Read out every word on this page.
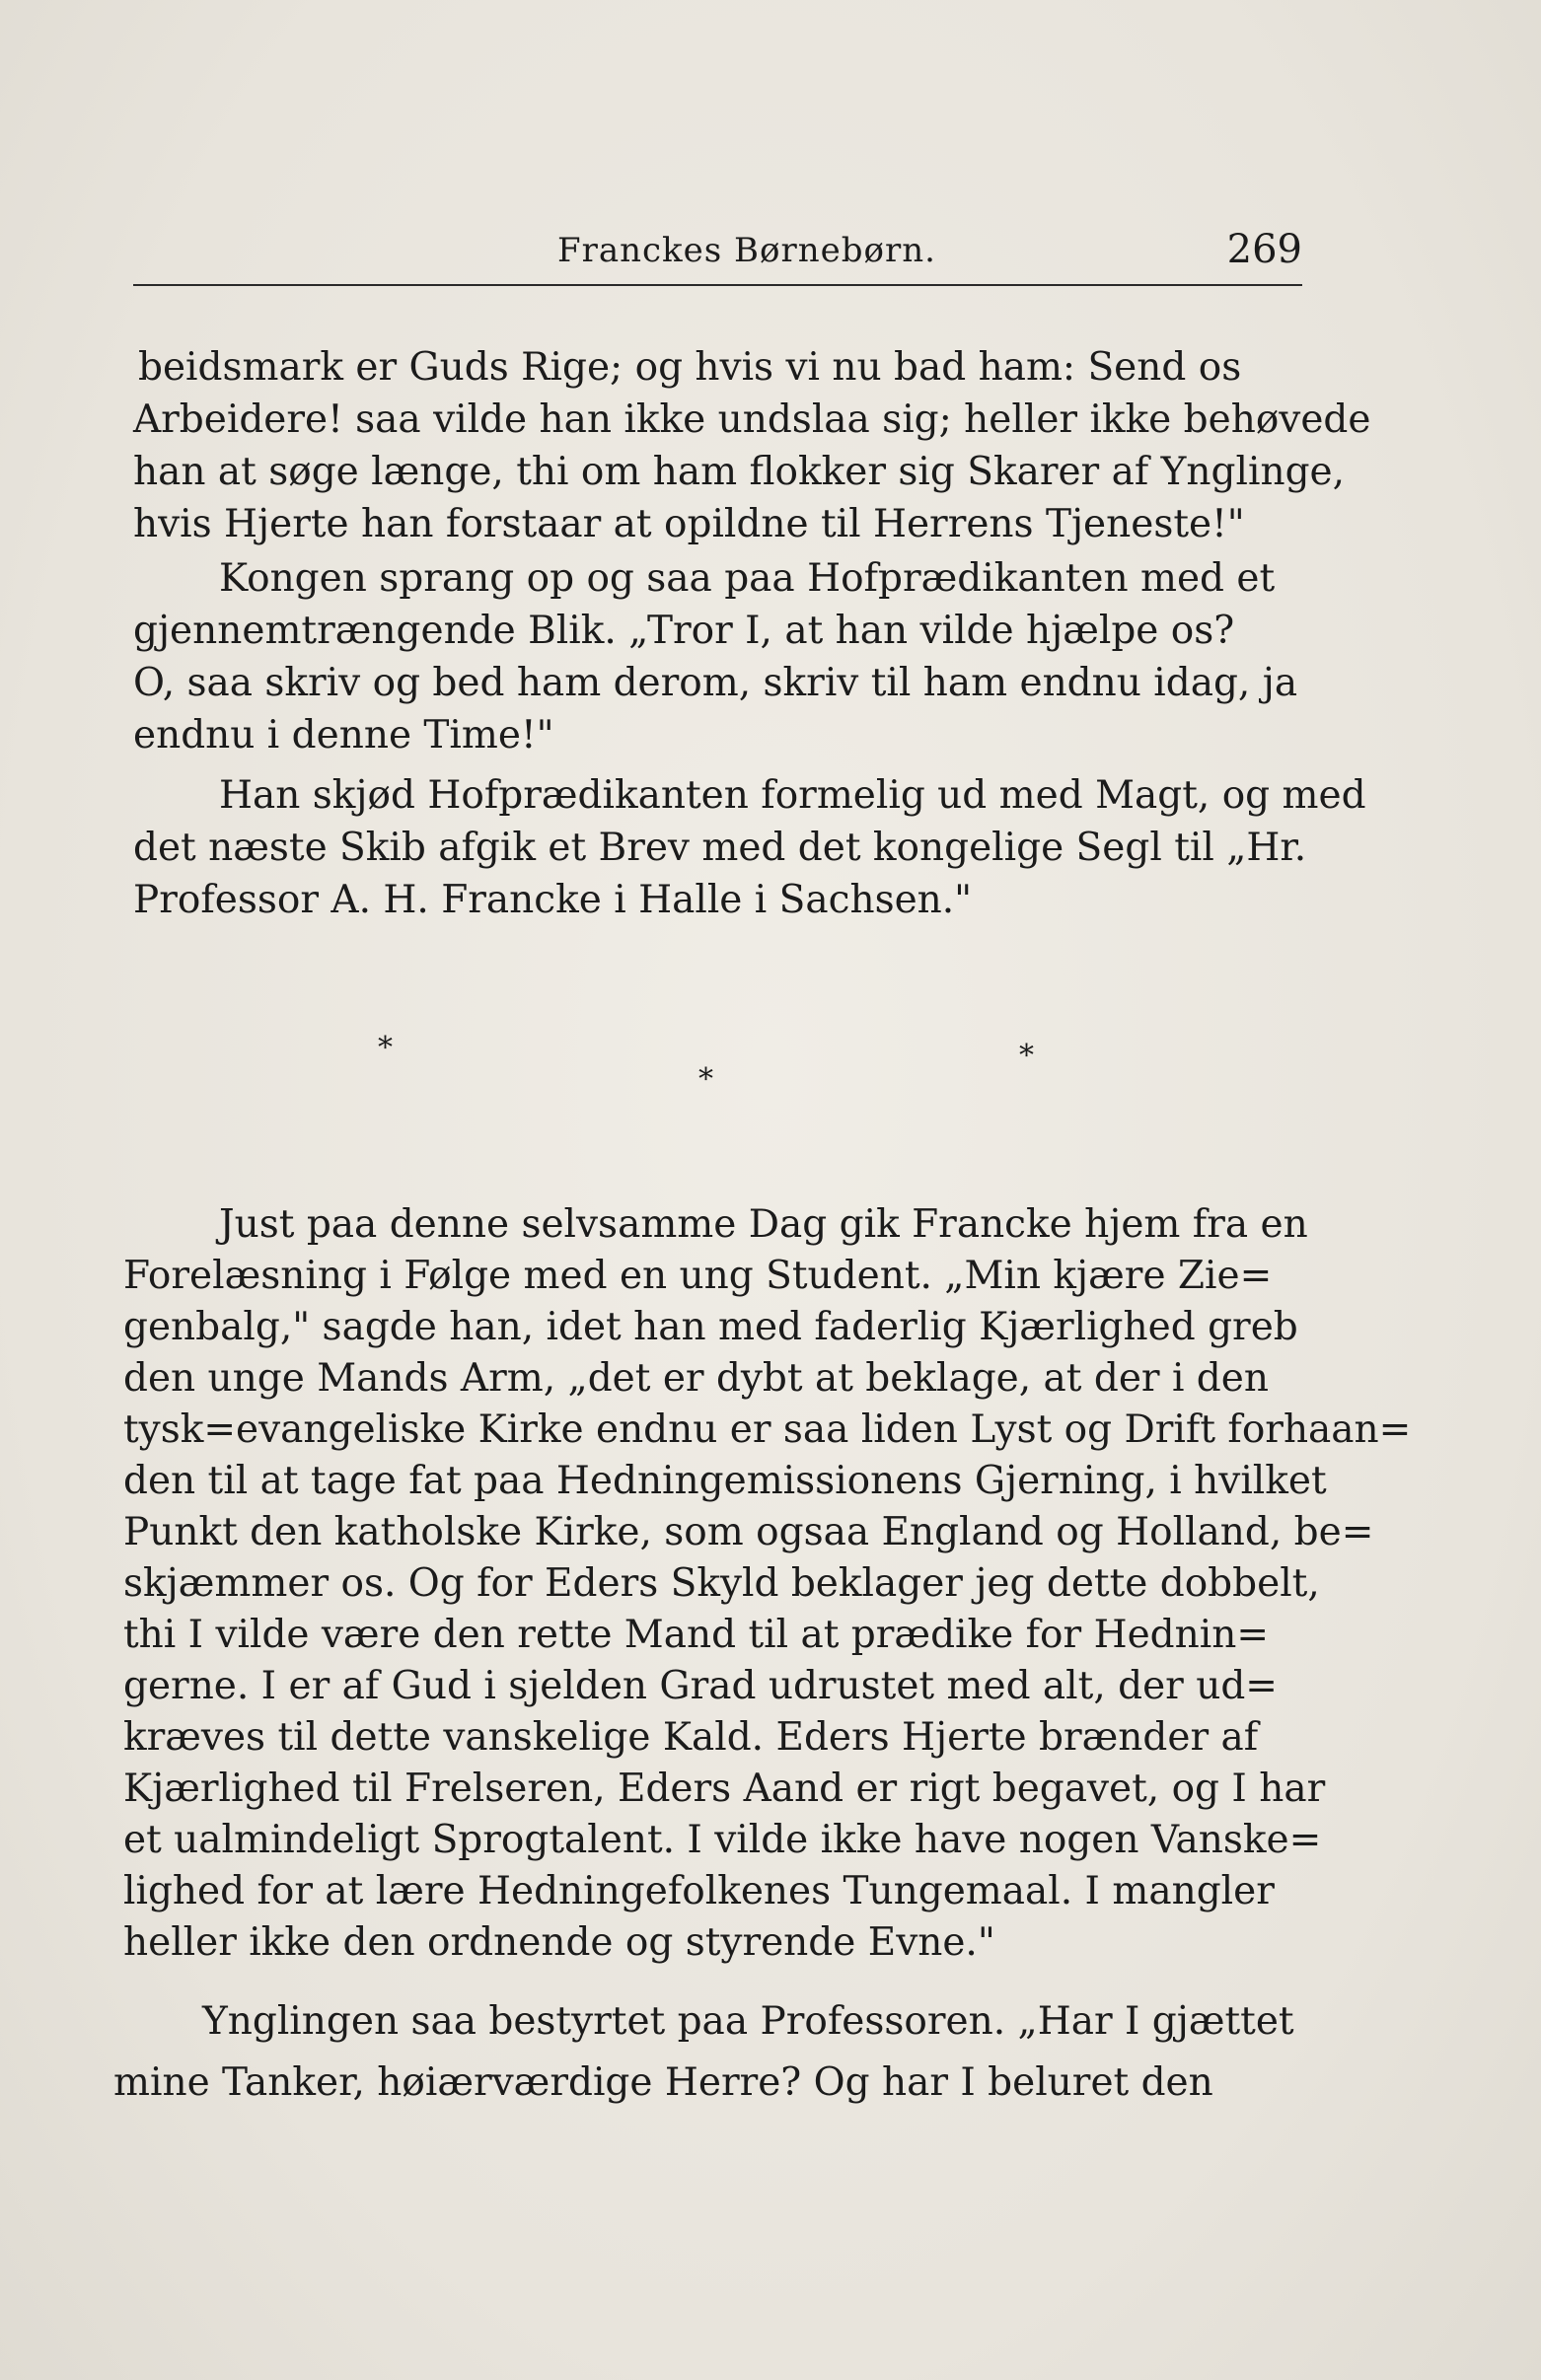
Franckes Børnebørn.	269
beidsmark er Guds Rige; og hvis vi nu bad ham: Send os
Arbeidere! saa vilde han ikke undslaa sig; heller ikke behøvede
han at søge længe, thi om ham flokker sig Skarer af Ynglinge,
hvis Hjerte han forstaar at opildne til Herrens Tjeneste!"
Kongen sprang op og saa paa Hofprædikanten med et
gjennemtrængende Blik. „Tror I, at han vilde hjælpe os?
O, saa skriv og bed ham derom, skriv til ham endnu idag, ja
endnu i denne Time!"
Han skjød Hofprædikanten formelig ud med Magt, og med
det næste Skib afgik et Brev med det kongelige Segl til „Hr.
Professor A. H. Francke i Halle i Sachsen."
*
*
*
Just paa denne selvsamme Dag gik Francke hjem fra en
Forelæsning i Følge med en ung Student. „Min kjære Zie=
genbalg," sagde han, idet han med faderlig Kjærlighed greb
den unge Mands Arm, „det er dybt at beklage, at der i den
tysk=evangeliske Kirke endnu er saa liden Lyst og Drift forhaan=
den til at tage fat paa Hedningemissionens Gjerning, i hvilket
Punkt den katholske Kirke, som ogsaa England og Holland, be=
skjæmmer os. Og for Eders Skyld beklager jeg dette dobbelt,
thi I vilde være den rette Mand til at prædike for Hednin=
gerne. I er af Gud i sjelden Grad udrustet med alt, der ud=
kræves til dette vanskelige Kald. Eders Hjerte brænder af
Kjærlighed til Frelseren, Eders Aand er rigt begavet, og I har
et ualmindeligt Sprogtalent. I vilde ikke have nogen Vanske=
lighed for at lære Hedningefolkenes Tungemaal. I mangler
heller ikke den ordnende og styrende Evne."
Ynglingen saa bestyrtet paa Professoren. „Har I gjættet
mine Tanker, høiærværdige Herre? Og har I beluret den
